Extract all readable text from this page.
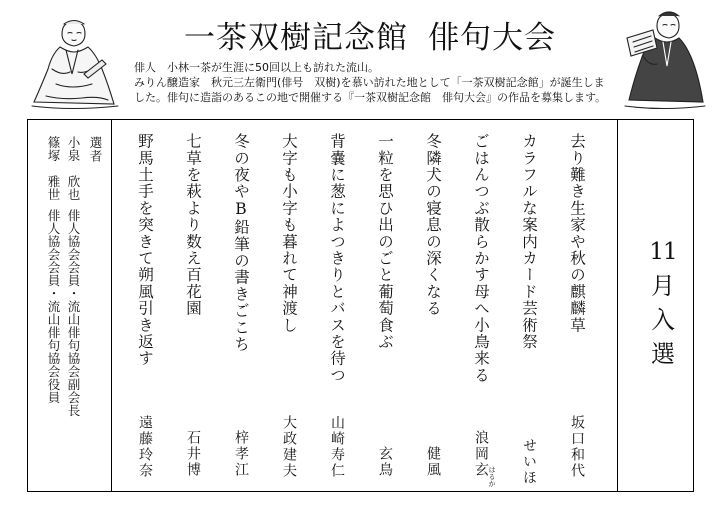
一茶双樹記念館 俳句大会
俳人　小林一茶が生涯に50回以上も訪れた流山。
みりん醸造家　秋元三左衛門(俳号　双樹)を慕い訪れた地として「一茶双樹記念館」が誕生しま
した。俳句に造詣のあるこの地で開催する『一茶双樹記念館　俳句大会』の作品を募集します。
11
月
入
選
去り難き生家や秋の麒麟草
坂口和代
カラフルな案内カード芸術祭
せいほ
ごはんつぶ散らかす母へ小鳥来る
浪岡玄 はるか
冬隣犬の寝息の深くなる
健風
一粒を思ひ出のごと葡萄食ぶ
玄鳥
背嚢に葱によつきりとバスを待つ
山崎寿仁
大字も小字も暮れて神渡し
大政建夫
冬の夜やB鉛筆の書きごこち
梓孝江
七草を萩より数え百花園
石井博
野馬土手を突きて朔風引き返す
遠藤玲奈
選者
小泉　欣也俳人協会会員・流山俳句協会副会長
篠塚　雅世俳人協会会員・流山俳句協会役員
